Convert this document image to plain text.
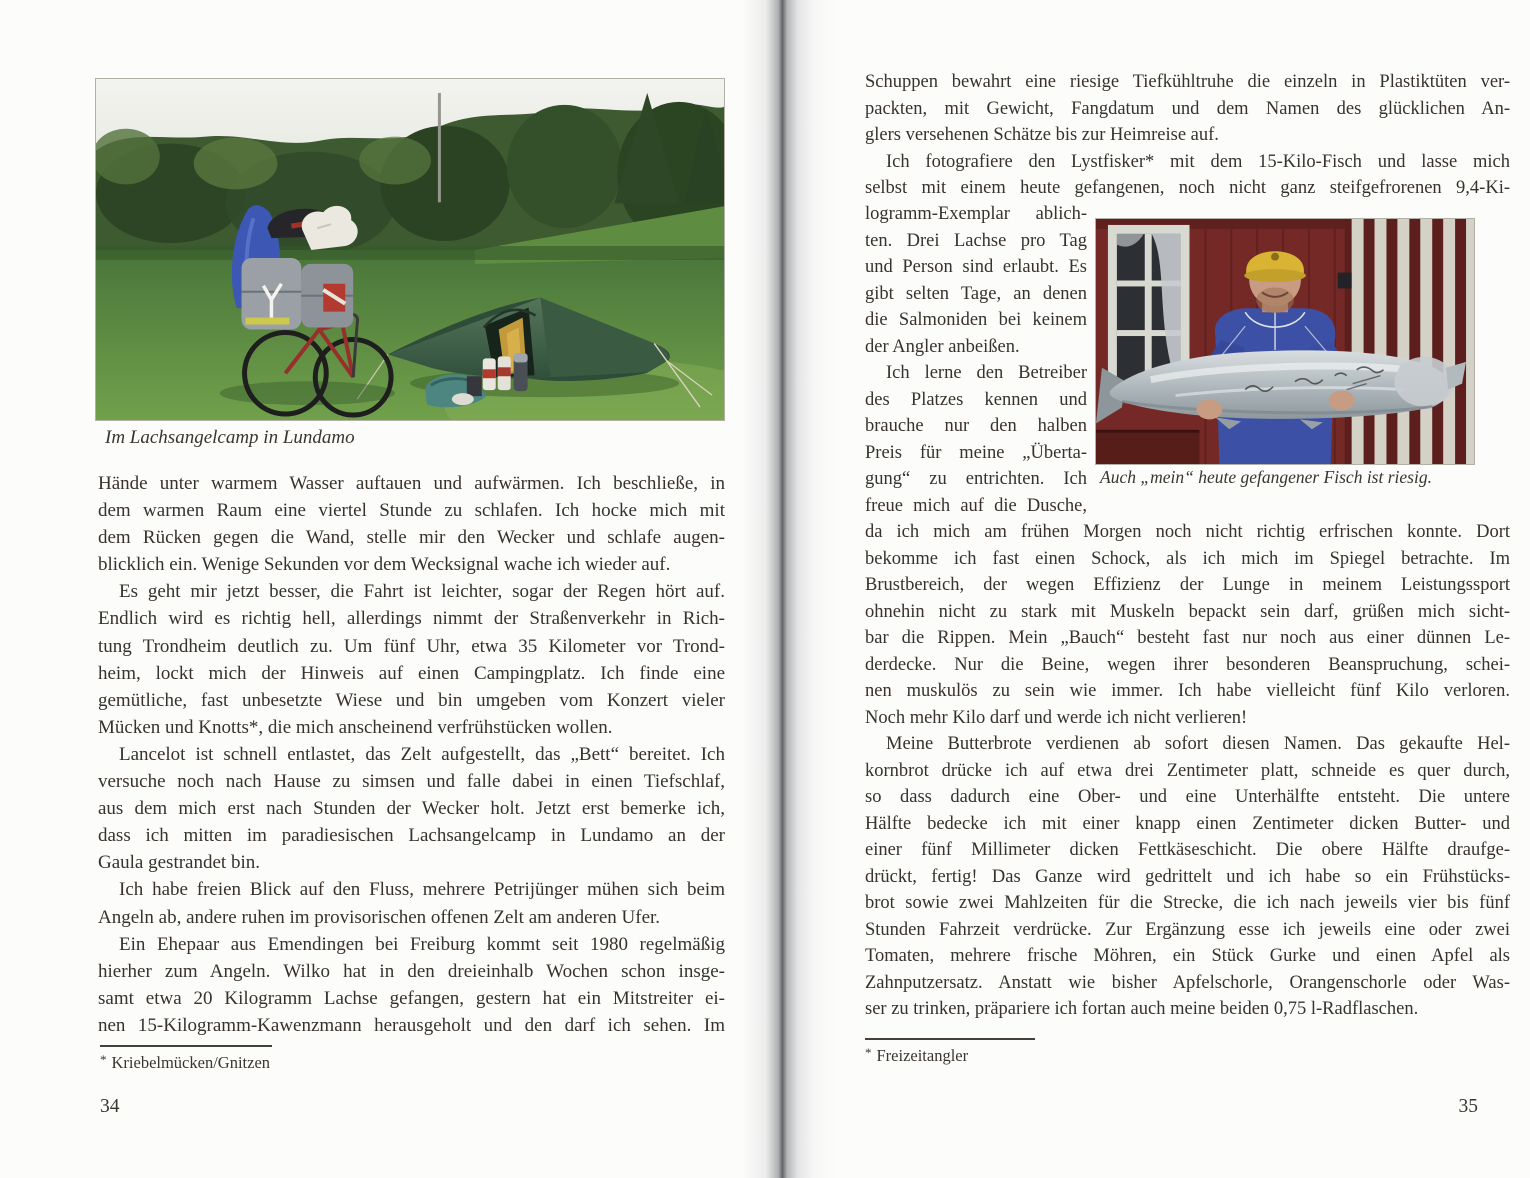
Im Lachsangelcamp in Lundamo
Hände unter warmem Wasser auftauen und aufwärmen. Ich beschließe, in
dem warmen Raum eine viertel Stunde zu schlafen. Ich hocke mich mit
dem Rücken gegen die Wand, stelle mir den Wecker und schlafe augen-
blicklich ein. Wenige Sekunden vor dem Wecksignal wache ich wieder auf.
Es geht mir jetzt besser, die Fahrt ist leichter, sogar der Regen hört auf.
Endlich wird es richtig hell, allerdings nimmt der Straßenverkehr in Rich-
tung Trondheim deutlich zu. Um fünf Uhr, etwa 35 Kilometer vor Trond-
heim, lockt mich der Hinweis auf einen Campingplatz. Ich finde eine
gemütliche, fast unbesetzte Wiese und bin umgeben vom Konzert vieler
Mücken und Knotts*, die mich anscheinend verfrühstücken wollen.
Lancelot ist schnell entlastet, das Zelt aufgestellt, das „Bett“ bereitet. Ich
versuche noch nach Hause zu simsen und falle dabei in einen Tiefschlaf,
aus dem mich erst nach Stunden der Wecker holt. Jetzt erst bemerke ich,
dass ich mitten im paradiesischen Lachsangelcamp in Lundamo an der
Gaula gestrandet bin.
Ich habe freien Blick auf den Fluss, mehrere Petrijünger mühen sich beim
Angeln ab, andere ruhen im provisorischen offenen Zelt am anderen Ufer.
Ein Ehepaar aus Emendingen bei Freiburg kommt seit 1980 regelmäßig
hierher zum Angeln. Wilko hat in den dreieinhalb Wochen schon insge-
samt etwa 20 Kilogramm Lachse gefangen, gestern hat ein Mitstreiter ei-
nen 15-Kilogramm-Kawenzmann herausgeholt und den darf ich sehen. Im
* Kriebelmücken/Gnitzen
34
Schuppen bewahrt eine riesige Tiefkühltruhe die einzeln in Plastiktüten ver-
packten, mit Gewicht, Fangdatum und dem Namen des glücklichen An-
glers versehenen Schätze bis zur Heimreise auf.
Ich fotografiere den Lystfisker* mit dem 15-Kilo-Fisch und lasse mich
selbst mit einem heute gefangenen, noch nicht ganz steifgefrorenen 9,4-Ki-
logramm-Exemplar ablich-
ten. Drei Lachse pro Tag
und Person sind erlaubt. Es
gibt selten Tage, an denen
die Salmoniden bei keinem
der Angler anbeißen.
Ich lerne den Betreiber
des Platzes kennen und
brauche nur den halben
Preis für meine „Überta-
gung“ zu entrichten. Ich
freue mich auf die Dusche,
Auch „mein“ heute gefangener Fisch ist riesig.
da ich mich am frühen Morgen noch nicht richtig erfrischen konnte. Dort
bekomme ich fast einen Schock, als ich mich im Spiegel betrachte. Im
Brustbereich, der wegen Effizienz der Lunge in meinem Leistungssport
ohnehin nicht zu stark mit Muskeln bepackt sein darf, grüßen mich sicht-
bar die Rippen. Mein „Bauch“ besteht fast nur noch aus einer dünnen Le-
derdecke. Nur die Beine, wegen ihrer besonderen Beanspruchung, schei-
nen muskulös zu sein wie immer. Ich habe vielleicht fünf Kilo verloren.
Noch mehr Kilo darf und werde ich nicht verlieren!
Meine Butterbrote verdienen ab sofort diesen Namen. Das gekaufte Hel-
kornbrot drücke ich auf etwa drei Zentimeter platt, schneide es quer durch,
so dass dadurch eine Ober- und eine Unterhälfte entsteht. Die untere
Hälfte bedecke ich mit einer knapp einen Zentimeter dicken Butter- und
einer fünf Millimeter dicken Fettkäseschicht. Die obere Hälfte draufge-
drückt, fertig! Das Ganze wird gedrittelt und ich habe so ein Frühstücks-
brot sowie zwei Mahlzeiten für die Strecke, die ich nach jeweils vier bis fünf
Stunden Fahrzeit verdrücke. Zur Ergänzung esse ich jeweils eine oder zwei
Tomaten, mehrere frische Möhren, ein Stück Gurke und einen Apfel als
Zahnputzersatz. Anstatt wie bisher Apfelschorle, Orangenschorle oder Was-
ser zu trinken, präpariere ich fortan auch meine beiden 0,75 l-Radflaschen.
* Freizeitangler
35
